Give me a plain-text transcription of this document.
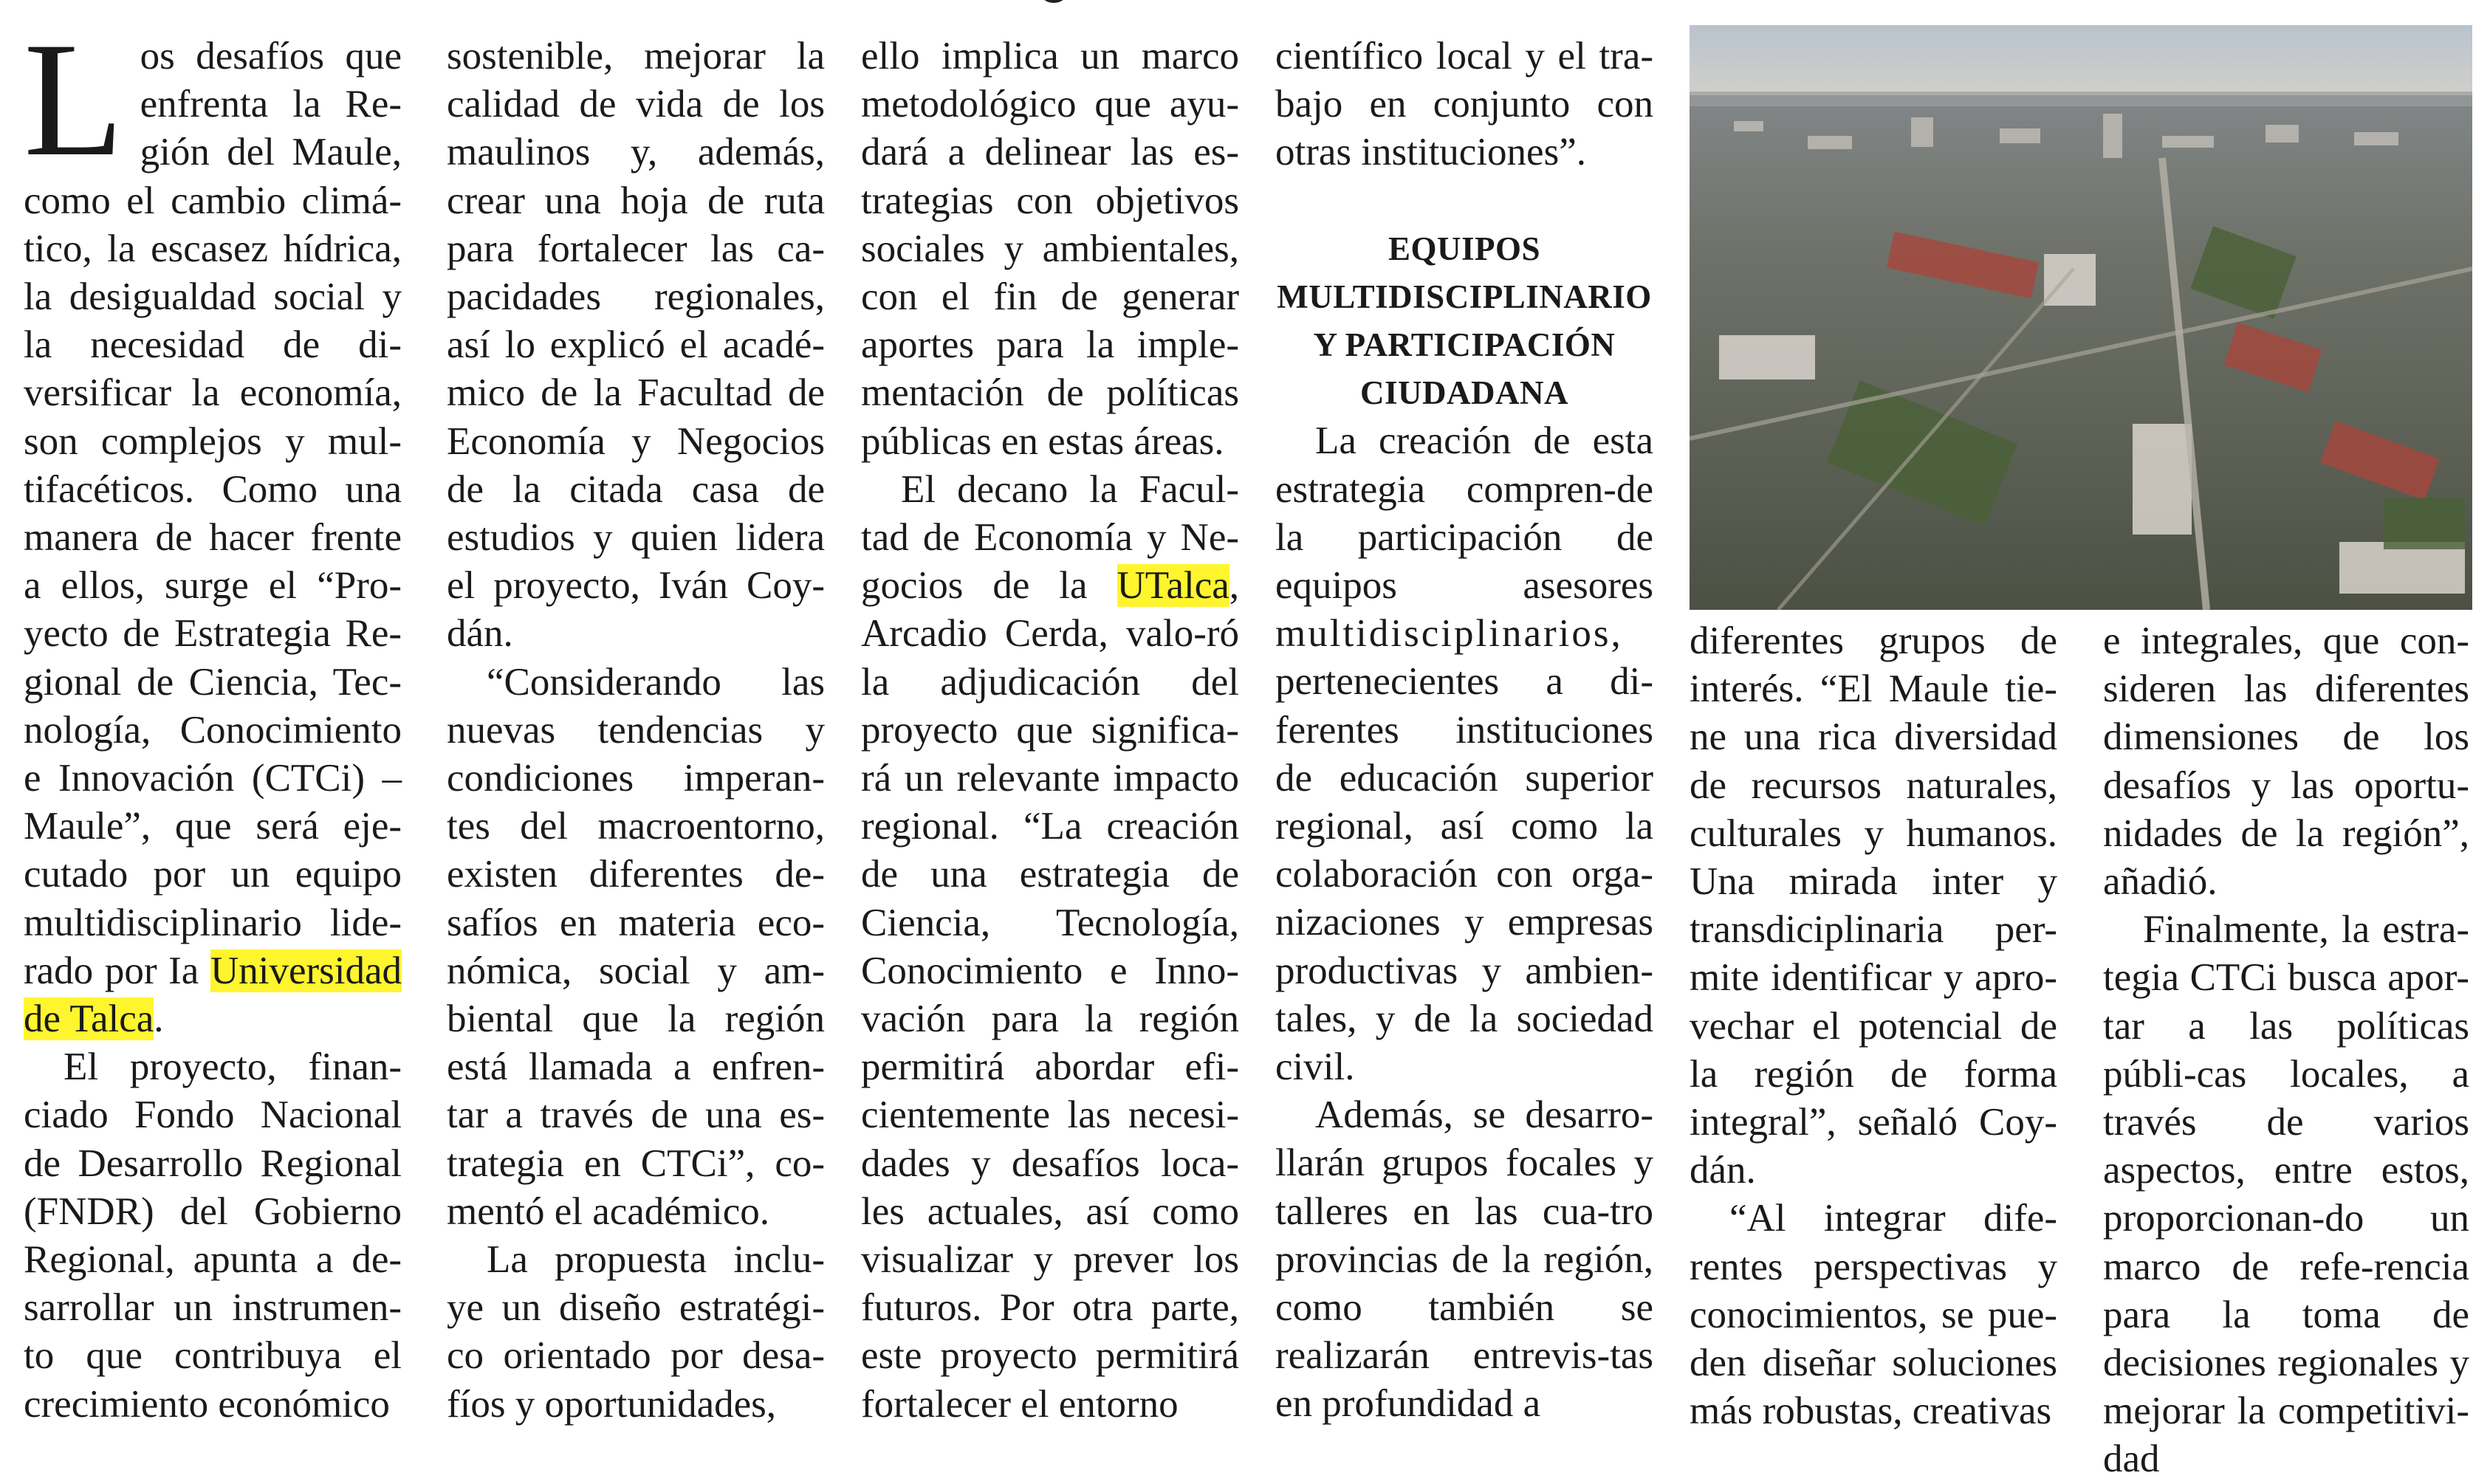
Los desafíos que enfrenta la Re-gión del Maule, como el cambio climá-tico, la escasez hídrica, la desigualdad social y la necesidad de di-versificar la economía, son complejos y mul-tifacéticos. Como una manera de hacer frente a ellos, surge el “Pro-yecto de Estrategia Re-gional de Ciencia, Tec-nología, Conocimiento e Innovación (CTCi) – Maule”, que será eje-cutado por un equipo multidisciplinario lide-rado por Ia Universidad de Talca.

El proyecto, finan-ciado Fondo Nacional de Desarrollo Regional (FNDR) del Gobierno Regional, apunta a de-sarrollar un instrumen-to que contribuya el crecimiento económico

sostenible, mejorar la calidad de vida de los maulinos y, además, crear una hoja de ruta para fortalecer las ca-pacidades regionales, así lo explicó el acadé-mico de la Facultad de Economía y Negocios de la citada casa de estudios y quien lidera el proyecto, Iván Coy-dán.

“Considerando las nuevas tendencias y condiciones imperan-tes del macroentorno, existen diferentes de-safíos en materia eco-nómica, social y am-biental que la región está llamada a enfren-tar a través de una es-trategia en CTCi”, co-mentó el académico.

La propuesta inclu-ye un diseño estratégi-co orientado por desa-fíos y oportunidades,

ello implica un marco metodológico que ayu-dará a delinear las es-trategias con objetivos sociales y ambientales, con el fin de generar aportes para la imple-mentación de políticas públicas en estas áreas.

El decano la Facul-tad de Economía y Ne-gocios de la UTalca, Arcadio Cerda, valo-ró la adjudicación del proyecto que significa-rá un relevante impacto regional. “La creación de una estrategia de Ciencia, Tecnología, Conocimiento e Inno-vación para la región permitirá abordar efi-cientemente las necesi-dades y desafíos loca-les actuales, así como visualizar y prever los futuros. Por otra parte, este proyecto permitirá fortalecer el entorno

científico local y el tra-bajo en conjunto con otras instituciones”.

EQUIPOS MULTIDISCIPLINARIO Y PARTICIPACIÓN CIUDADANA

La creación de esta estrategia compren-de la participación de equipos asesores multidisciplinarios, pertenecientes a di-ferentes instituciones de educación superior regional, así como la colaboración con orga-nizaciones y empresas productivas y ambien-tales, y de la sociedad civil.

Además, se desarro-llarán grupos focales y talleres en las cua-tro provincias de la región, como también se realizarán entrevis-tas en profundidad a

diferentes grupos de interés. “El Maule tie-ne una rica diversidad de recursos naturales, culturales y humanos. Una mirada inter y transdiciplinaria per-mite identificar y apro-vechar el potencial de la región de forma integral”, señaló Coy-dán.

“Al integrar dife-rentes perspectivas y conocimientos, se pue-den diseñar soluciones más robustas, creativas

e integrales, que con-sideren las diferentes dimensiones de los desafíos y las oportu-nidades de la región”, añadió.

Finalmente, la estra-tegia CTCi busca apor-tar a las políticas públi-cas locales, a través de varios aspectos, entre estos, proporcionan-do un marco de refe-rencia para la toma de decisiones regionales y mejorar la competitivi-dad
